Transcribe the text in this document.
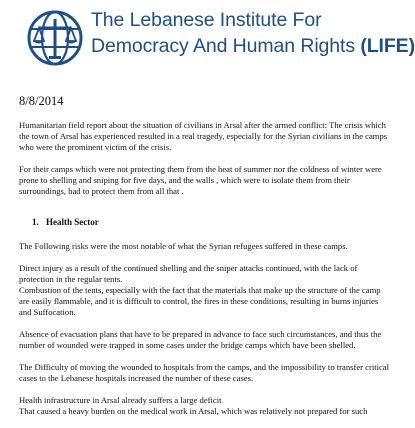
The Lebanese Institute For
Democracy And Human Rights (LIFE)
8/8/2014

Humanitarian field report about the situation of civilians in Arsal after the armed conflict: The crisis which the town of Arsal has experienced resulted in a real tragedy, especially for the Syrian civilians in the camps who were the prominent victim of the crisis.

For their camps which were not protecting them from the heat of summer nor the coldness of winter were prone to shelling and sniping for five days, and the walls , which were to isolate them from their surroundings, had to protect them from all that .

1. Health Sector

The Following risks were the most notable of what the Syrian refugees suffered in these camps.

Direct injury as a result of the continued shelling and the sniper attacks continued, with the lack of protection in the regular tents.

Combustion of the tents, especially with the fact that the materials that make up the structure of the camp are easily flammable, and it is difficult to control, the fires in these conditions, resulting in burns injuries and Suffocation.

Absence of evacuation plans that have to be prepared in advance to face such circumstances, and thus the number of wounded were trapped in some cases under the bridge camps which have been shelled.

The Difficulty of moving the wounded to hospitals from the camps, and the impossibility to transfer critical cases to the Lebanese hospitals increased the number of these cases.

Health infrastructure in Arsal already suffers a large deficit

That caused a heavy burden on the medical work in Arsal, which was relatively not prepared for such
